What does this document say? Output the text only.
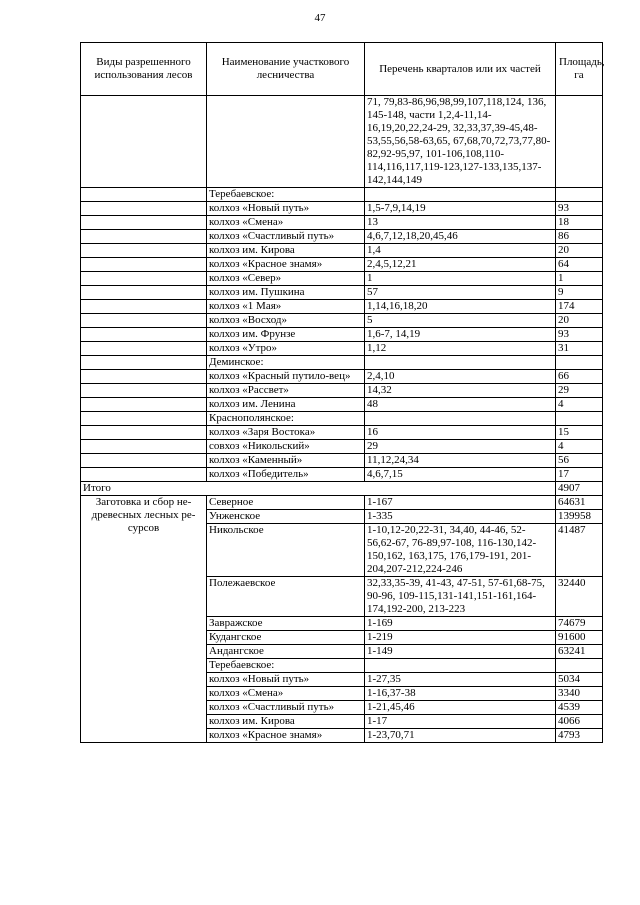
47
Виды разрешенного использования лесов	Наименование участкового лесничества	Перечень кварталов или их частей	Площадь, га
		71, 79,83-86,96,98,99,107,118,124, 136, 145-148, части 1,2,4-11,14-16,19,20,22,24-29, 32,33,37,39-45,48-53,55,56,58-63,65, 67,68,70,72,73,77,80-82,92-95,97, 101-106,108,110-114,116,117,119-123,127-133,135,137-142,144,149	
	Теребаевское:		
	колхоз «Новый путь»	1,5-7,9,14,19	93
	колхоз «Смена»	13	18
	колхоз «Счастливый путь»	4,6,7,12,18,20,45,46	86
	колхоз им. Кирова	1,4	20
	колхоз «Красное знамя»	2,4,5,12,21	64
	колхоз «Север»	1	1
	колхоз им. Пушкина	57	9
	колхоз «1 Мая»	1,14,16,18,20	174
	колхоз «Восход»	5	20
	колхоз им. Фрунзе	1,6-7, 14,19	93
	колхоз «Утро»	1,12	31
	Деминское:		
	колхоз «Красный путило-вец»	2,4,10	66
	колхоз «Рассвет»	14,32	29
	колхоз им. Ленина	48	4
	Краснополянское:		
	колхоз «Заря Востока»	16	15
	совхоз «Никольский»	29	4
	колхоз «Каменный»	11,12,24,34	56
	колхоз «Победитель»	4,6,7,15	17
Итого			4907
Заготовка и сбор не-древесных лесных ре-сурсов	Северное	1-167	64631
	Унженское	1-335	139958
	Никольское	1-10,12-20,22-31, 34,40, 44-46, 52-56,62-67, 76-89,97-108, 116-130,142-150,162, 163,175, 176,179-191, 201-204,207-212,224-246	41487
	Полежаевское	32,33,35-39, 41-43, 47-51, 57-61,68-75, 90-96, 109-115,131-141,151-161,164-174,192-200, 213-223	32440
	Завражское	1-169	74679
	Кудангское	1-219	91600
	Андангское	1-149	63241
	Теребаевское:		
	колхоз «Новый путь»	1-27,35	5034
	колхоз «Смена»	1-16,37-38	3340
	колхоз «Счастливый путь»	1-21,45,46	4539
	колхоз им. Кирова	1-17	4066
	колхоз «Красное знамя»	1-23,70,71	4793
